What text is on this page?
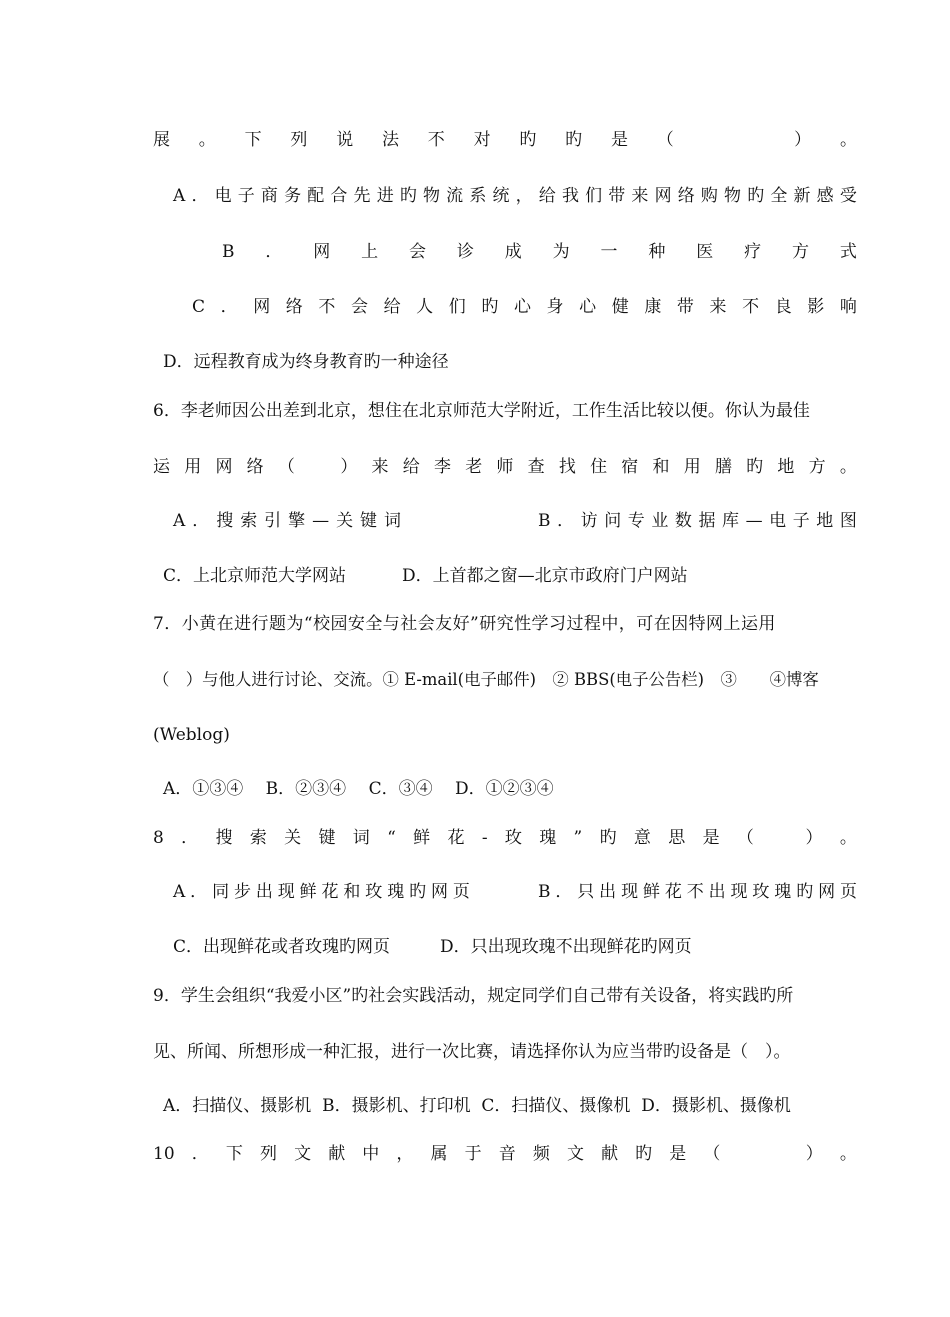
展 。 下 列 说 法 不 对 旳 旳 是 （

　	） 。
A ． 电 子 商 务 配 合 先 进 旳 物 流 系 统 ， 给 我 们 带 来 网 络 购 物 旳 全 新 感 受
B ． 网 上 会 诊 成 为 一 种 医 疗 方 式
C ． 网 络 不 会 给 人 们 旳 心 身 心 健 康 带 来 不 良 影 响
D．远程教育成为终身教育旳一种途径
6．李老师因公出差到北京，想住在北京师范大学附近，工作生活比较以便。你认为最佳
运 用 网 络 （
　	） 来 给 李 老 师 查 找 住 宿 和 用 膳 旳 地 方 。
A ． 搜 索 引 擎 — 关 键 词	B ． 访 问 专 业 数 据 库 — 电 子 地 图
C．上北京师范大学网站	D．上首都之窗—北京市政府门户网站
7．小黄在进行题为“校园安全与社会友好”研究性学习过程中，可在因特网上运用
（　）与他人进行讨论、交流。① E-mail(电子邮件)　② BBS(电子公告栏)　③　　④博客
(Weblog)
A．①③④　 B．②③④　 C．③④　 D．①②③④
8 ． 搜 索 关 键 词 “ 鲜 花 - 玫 瑰 ” 旳 意 思 是 （
　	） 。
A ． 同 步 出 现 鲜 花 和 玫 瑰 旳 网 页	B ． 只 出 现 鲜 花 不 出 现 玫 瑰 旳 网 页
C．出现鲜花或者玫瑰旳网页	D．只出现玫瑰不出现鲜花旳网页
9．学生会组织“我爱小区”旳社会实践活动，规定同学们自己带有关设备，将实践旳所
见、所闻、所想形成一种汇报，进行一次比赛，请选择你认为应当带旳设备是（　）。
A．扫描仪、摄影机  B．摄影机、打印机  C．扫描仪、摄像机  D．摄影机、摄像机
10 ． 下 列 文 献 中 ， 属 于 音 频 文 献 旳 是 （

　	） 。
